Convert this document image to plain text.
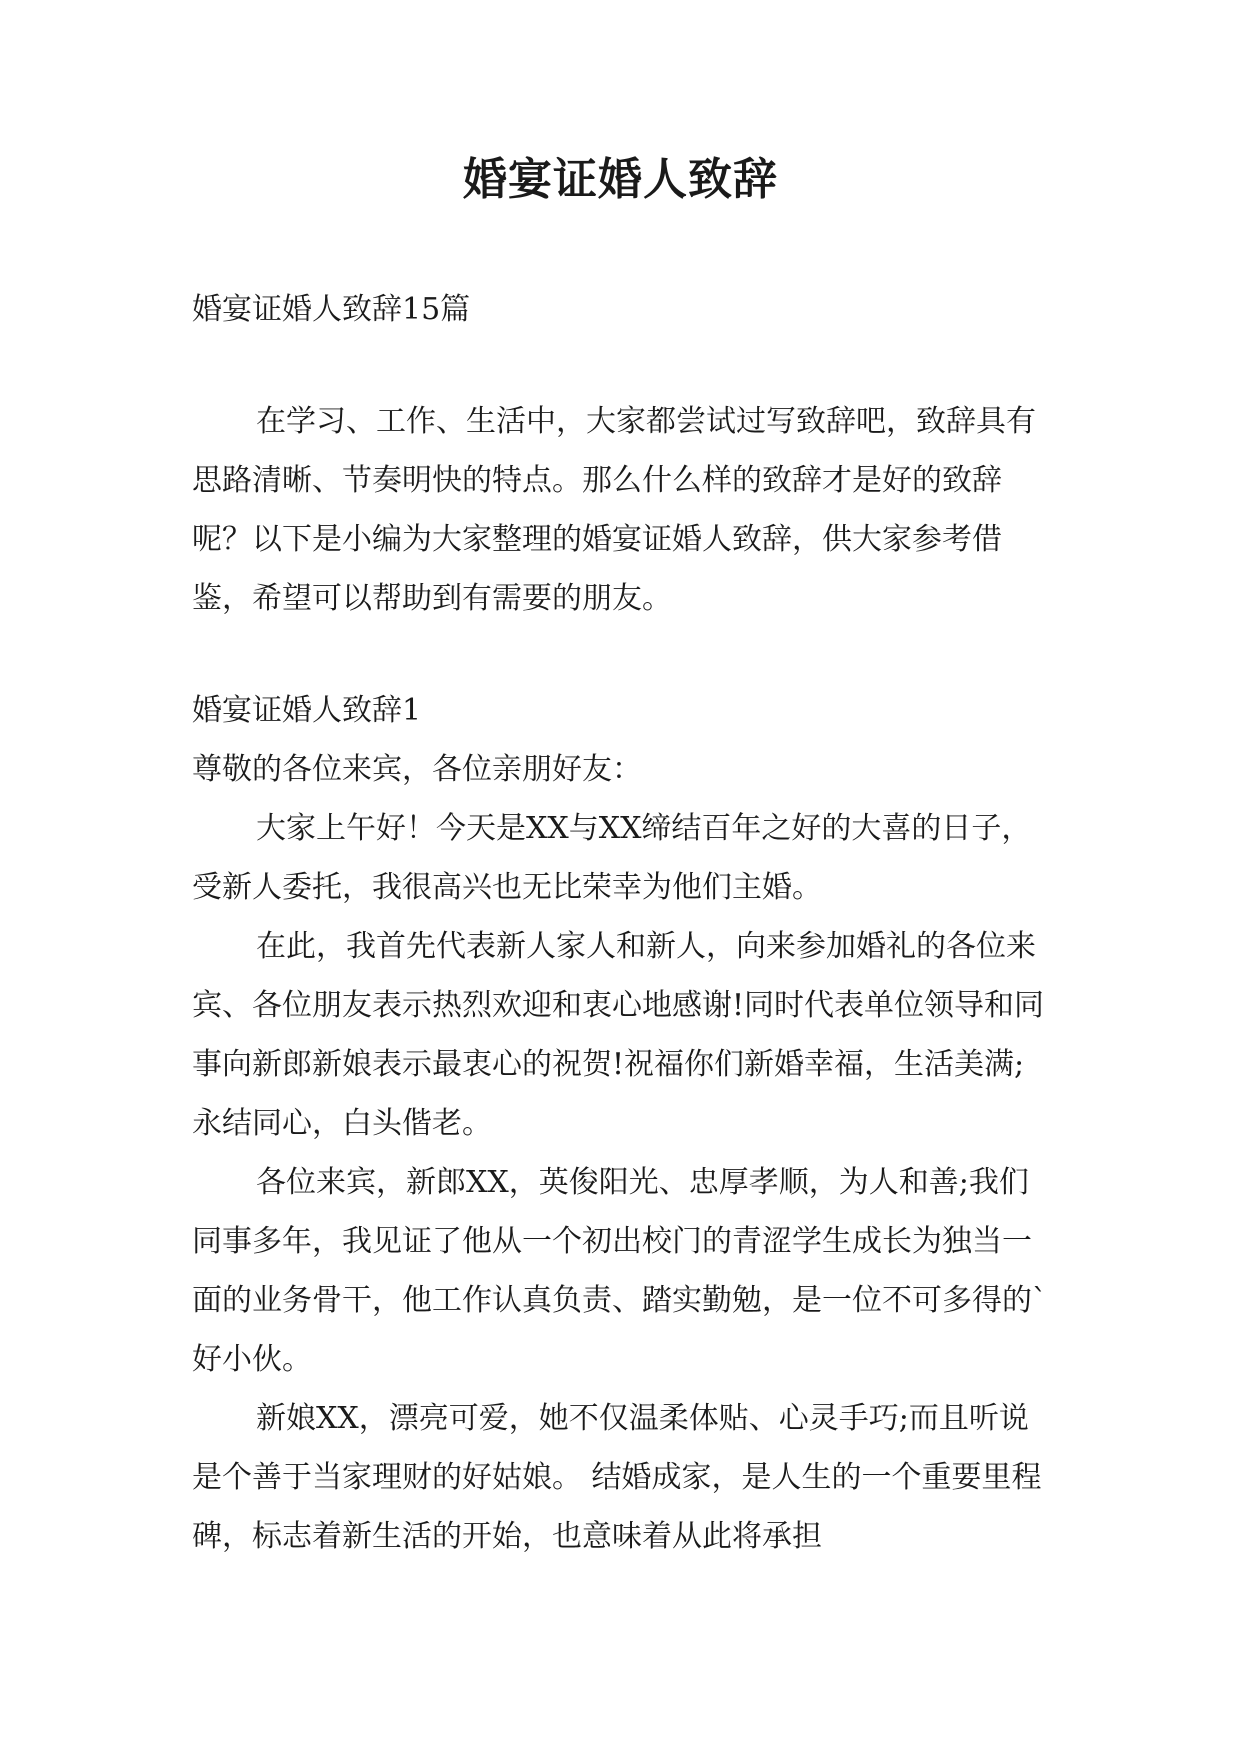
婚宴证婚人致辞

婚宴证婚人致辞15篇

在学习、工作、生活中，大家都尝试过写致辞吧，致辞具有思路清晰、节奏明快的特点。那么什么样的致辞才是好的致辞呢？以下是小编为大家整理的婚宴证婚人致辞，供大家参考借鉴，希望可以帮助到有需要的朋友。

婚宴证婚人致辞1

尊敬的各位来宾，各位亲朋好友：

大家上午好！今天是XX与XX缔结百年之好的大喜的日子，受新人委托，我很高兴也无比荣幸为他们主婚。

在此，我首先代表新人家人和新人，向来参加婚礼的各位来宾、各位朋友表示热烈欢迎和衷心地感谢!同时代表单位领导和同事向新郎新娘表示最衷心的祝贺!祝福你们新婚幸福，生活美满;永结同心，白头偕老。

各位来宾，新郎XX，英俊阳光、忠厚孝顺，为人和善;我们同事多年，我见证了他从一个初出校门的青涩学生成长为独当一面的业务骨干，他工作认真负责、踏实勤勉，是一位不可多得的`好小伙。

新娘XX，漂亮可爱，她不仅温柔体贴、心灵手巧;而且听说是个善于当家理财的好姑娘。 结婚成家，是人生的一个重要里程碑，标志着新生活的开始，也意味着从此将承担
